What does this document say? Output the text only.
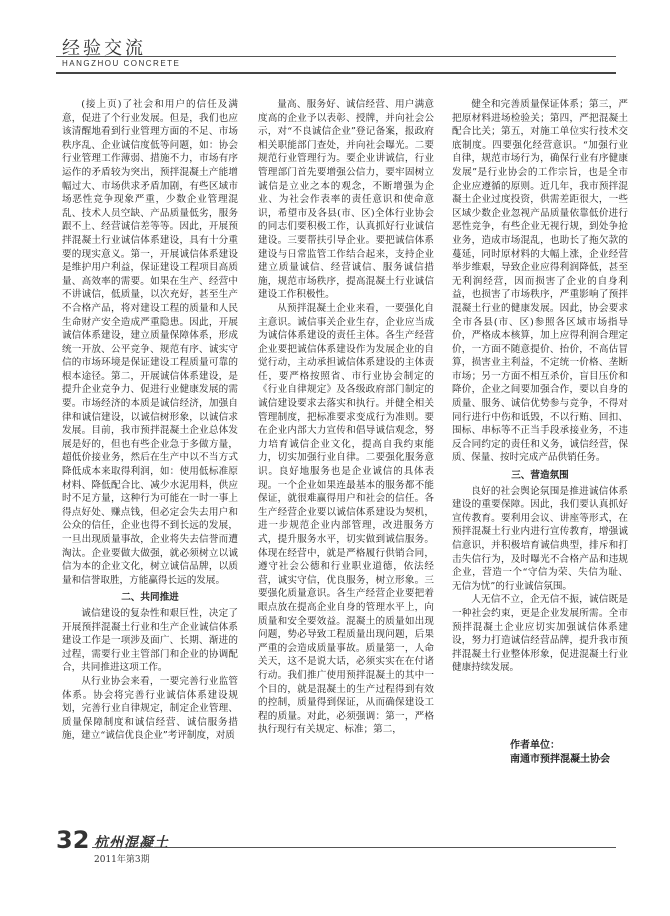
经验交流
HANGZHOU CONCRETE

(接上页)了社会和用户的信任及满意，促进了个行业发展。但是，我们也应该清醒地看到行业管理方面的不足、市场秩序乱、企业诚信度低等问题，如：协会行业管理工作薄弱、措施不力，市场有序运作的矛盾较为突出，预拌混凝土产能增幅过大、市场供求矛盾加剧，有些区域市场恶性竞争现象严重，少数企业管理混乱、技术人员空缺、产品质量低劣，服务跟不上、经营诚信差等等。因此，开展预拌混凝土行业诚信体系建设，具有十分重要的现实意义。第一，开展诚信体系建设是维护用户利益，保证建设工程项目高质量、高效率的需要。如果在生产、经营中不讲诚信，低质量，以次充好，甚至生产不合格产品，将对建设工程的质量和人民生命财产安全造成严重隐患。因此，开展诚信体系建设，建立质量保障体系，形成统一开放、公平竞争、规范有序、诚实守信的市场环境是保证建设工程质量可靠的根本途径。第二，开展诚信体系建设，是提升企业竞争力、促进行业健康发展的需要。市场经济的本质是诚信经济，加强自律和诚信建设，以诚信树形象，以诚信求发展。目前，我市预拌混凝土企业总体发展是好的，但也有些企业急于多做方量，超低价接业务，然后在生产中以不当方式降低成本来取得利润，如：使用低标准原材料、降低配合比、减少水泥用料，供应时不足方量，这种行为可能在一时一事上得点好处、赚点钱，但必定会失去用户和公众的信任，企业也得不到长远的发展，一旦出现质量事故，企业将失去信誉而遭淘汰。企业要做大做强，就必须树立以诚信为本的企业文化，树立诚信品牌，以质量和信誉取胜，方能赢得长远的发展。

二、共同推进

诚信建设的复杂性和艰巨性，决定了开展预拌混凝土行业和生产企业诚信体系建设工作是一项涉及面广、长期、渐进的过程，需要行业主管部门和企业的协调配合，共同推进这项工作。

从行业协会来看，一要完善行业监管体系。协会将完善行业诚信体系建设规划，完善行业自律规定，制定企业管理、质量保障制度和诚信经营、诚信服务措施，建立“诚信优良企业”考评制度，对质

量高、服务好、诚信经营、用户满意度高的企业予以表彰、授牌，并向社会公示，对“不良诚信企业”登记备案，报政府相关职能部门查处，并向社会曝光。二要规范行业管理行为。要企业讲诚信，行业管理部门首先要增强公信力，要牢固树立诚信是立业之本的观念，不断增强为企业、为社会作表率的责任意识和使命意识，希望市及各县(市、区)全体行业协会的同志们要积极工作，认真抓好行业诚信建设。三要帮扶引导企业。要把诚信体系建设与日常监管工作结合起来，支持企业建立质量诚信、经营诚信、服务诚信措施，规范市场秩序，提高混凝土行业诚信建设工作积极性。

从预拌混凝土企业来看，一要强化自主意识。诚信事关企业生存，企业应当成为诚信体系建设的责任主体。各生产经营企业要把诚信体系建设作为发展企业的自觉行动，主动承担诚信体系建设的主体责任，要严格按照省、市行业协会制定的《行业自律规定》及各级政府部门制定的诚信建设要求去落实和执行。并健全相关管理制度，把标准要求变成行为准则。要在企业内部大力宣传和倡导诚信观念，努力培育诚信企业文化，提高自我约束能力，切实加强行业自律。二要强化服务意识。良好地服务也是企业诚信的具体表现。一个企业如果连最基本的服务都不能保证，就很难赢得用户和社会的信任。各生产经营企业要以诚信体系建设为契机，进一步规范企业内部管理，改进服务方式，提升服务水平，切实做到诚信服务。体现在经营中，就是严格履行供销合同，遵守社会公德和行业职业道德，依法经营，诚实守信，优良服务，树立形象。三要强化质量意识。各生产经营企业要把着眼点放在提高企业自身的管理水平上，向质量和安全要效益。混凝土的质量如出现问题，势必导致工程质量出现问题，后果严重的会造成质量事故。质量第一，人命关天，这不是说大话，必须实实在在付诸行动。我们推广使用预拌混凝土的其中一个目的，就是混凝土的生产过程得到有效的控制，质量得到保证，从而确保建设工程的质量。对此，必须强调：第一，严格执行现行有关规定、标准；第二，

健全和完善质量保证体系；第三，严把原材料进场检验关；第四，严把混凝土配合比关；第五，对施工单位实行技术交底制度。四要强化经营意识。“加强行业自律，规范市场行为，确保行业有序健康发展”是行业协会的工作宗旨，也是全市企业应遵循的原则。近几年，我市预拌混凝土企业过度投资，供需差距很大，一些区域少数企业忽视产品质量依靠低价进行恶性竞争，有些企业无视行规，到处争抢业务，造成市场混乱，也助长了拖欠款的蔓延，同时原材料的大幅上涨，企业经营举步维艰，导致企业应得利润降低，甚至无利润经营，因而损害了企业的自身利益，也损害了市场秩序，严重影响了预拌混凝土行业的健康发展。因此，协会要求全市各县(市、区)参照各区域市场指导价，严格成本核算，加上应得利润合理定价，一方面不随意提价、抬价，不高估冒算，损害业主利益，不定统一价格、垄断市场；另一方面不相互杀价，盲目压价和降价，企业之间要加强合作，要以自身的质量、服务、诚信优势参与竞争，不得对同行进行中伤和诋毁，不以行贿、回扣、围标、串标等不正当手段承接业务，不违反合同约定的责任和义务，诚信经营，保质、保量、按时完成产品供销任务。

三、营造氛围

良好的社会舆论氛围是推进诚信体系建设的重要保障。因此，我们要认真抓好宣传教育。要利用会议、讲座等形式，在预拌混凝土行业内进行宣传教育，增强诚信意识，并积极培育诚信典型，排斥和打击失信行为，及时曝光不合格产品和违规企业，营造一个“守信为荣、失信为耻、无信为忧”的行业诚信氛围。

人无信不立，企无信不振，诚信既是一种社会约束，更是企业发展所需。全市预拌混凝土企业应切实加强诚信体系建设，努力打造诚信经营品牌，提升我市预拌混凝土行业整体形象，促进混凝土行业健康持续发展。

作者单位：
南通市预拌混凝土协会
32 杭州混凝土
2011年第3期
